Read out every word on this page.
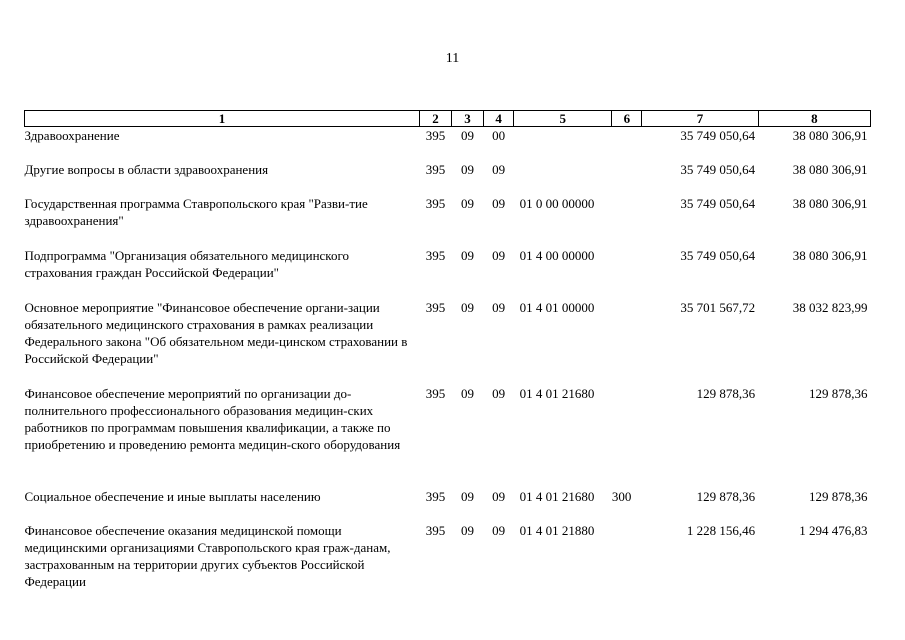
11
1	2	3	4	5	6	7	8
Здравоохранение	395	09	00			35 749 050,64	38 080 306,91
Другие вопросы в области здравоохранения	395	09	09			35 749 050,64	38 080 306,91
Государственная программа Ставропольского края "Разви-тие здравоохранения"	395	09	09	01 0 00 00000		35 749 050,64	38 080 306,91
Подпрограмма "Организация обязательного медицинского страхования граждан Российской Федерации"	395	09	09	01 4 00 00000		35 749 050,64	38 080 306,91
Основное мероприятие "Финансовое обеспечение органи-зации обязательного медицинского страхования в рамках реализации Федерального закона "Об обязательном меди-цинском страховании в Российской Федерации"	395	09	09	01 4 01 00000		35 701 567,72	38 032 823,99
Финансовое обеспечение мероприятий по организации до-полнительного профессионального образования медицин-ских работников по программам повышения квалификации, а также по приобретению и проведению ремонта медицин-ского оборудования	395	09	09	01 4 01 21680		129 878,36	129 878,36
Социальное обеспечение и иные выплаты населению	395	09	09	01 4 01 21680	300	129 878,36	129 878,36
Финансовое обеспечение оказания медицинской помощи медицинскими организациями Ставропольского края граж-данам, застрахованным на территории других субъектов Российской Федерации	395	09	09	01 4 01 21880		1 228 156,46	1 294 476,83
